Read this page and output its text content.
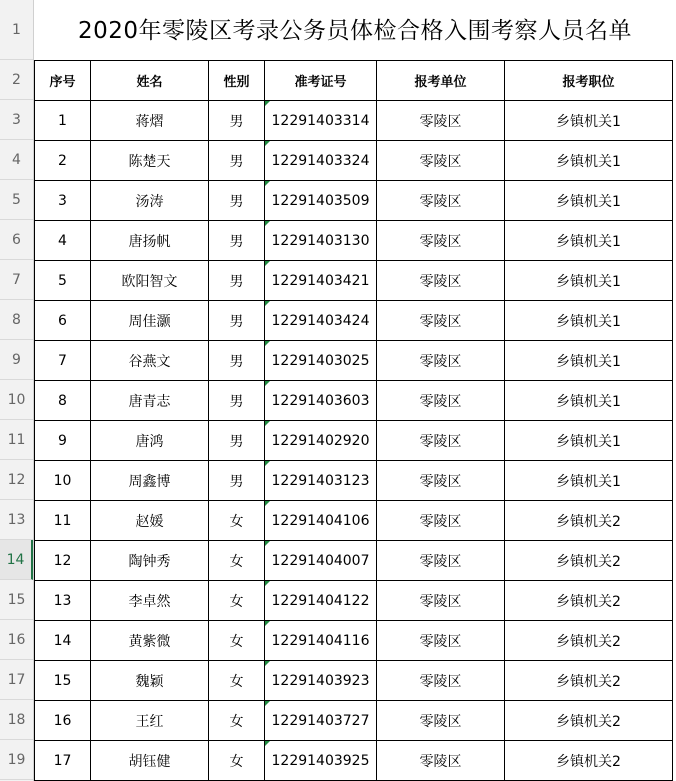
1
2
3
4
5
6
7
8
9
10
11
12
13
14
15
16
17
18
19
2020年零陵区考录公务员体检合格入围考察人员名单
序号	姓名	性别	准考证号	报考单位	报考职位
1	蒋熠	男	12291403314	零陵区	乡镇机关1
2	陈楚天	男	12291403324	零陵区	乡镇机关1
3	汤涛	男	12291403509	零陵区	乡镇机关1
4	唐扬帆	男	12291403130	零陵区	乡镇机关1
5	欧阳智文	男	12291403421	零陵区	乡镇机关1
6	周佳灏	男	12291403424	零陵区	乡镇机关1
7	谷燕文	男	12291403025	零陵区	乡镇机关1
8	唐青志	男	12291403603	零陵区	乡镇机关1
9	唐鸿	男	12291402920	零陵区	乡镇机关1
10	周鑫博	男	12291403123	零陵区	乡镇机关1
11	赵媛	女	12291404106	零陵区	乡镇机关2
12	陶钟秀	女	12291404007	零陵区	乡镇机关2
13	李卓然	女	12291404122	零陵区	乡镇机关2
14	黄紫微	女	12291404116	零陵区	乡镇机关2
15	魏颖	女	12291403923	零陵区	乡镇机关2
16	王红	女	12291403727	零陵区	乡镇机关2
17	胡钰健	女	12291403925	零陵区	乡镇机关2
